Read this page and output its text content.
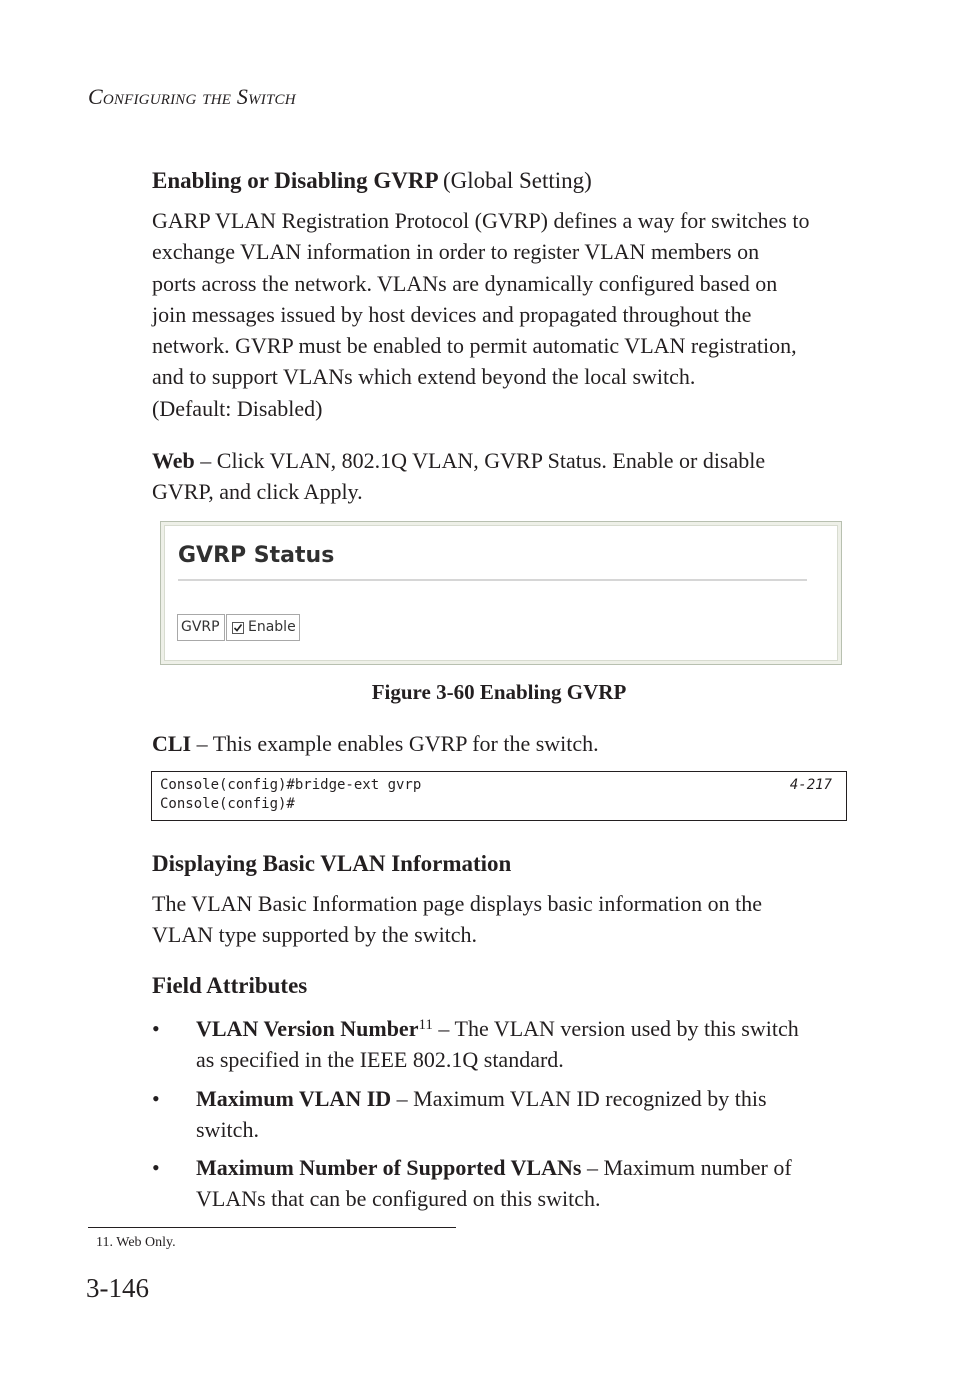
Configuring the Switch
Enabling or Disabling GVRP (Global Setting)

GARP VLAN Registration Protocol (GVRP) defines a way for switches to

exchange VLAN information in order to register VLAN members on

ports across the network. VLANs are dynamically configured based on

join messages issued by host devices and propagated throughout the

network. GVRP must be enabled to permit automatic VLAN registration,

and to support VLANs which extend beyond the local switch.

(Default: Disabled)

Web – Click VLAN, 802.1Q VLAN, GVRP Status. Enable or disable

GVRP, and click Apply.

GVRP Status
GVRP	Enable
Figure 3-60 Enabling GVRP
CLI – This example enables GVRP for the switch.
Console(config)#bridge-ext gvrp	4-217
Console(config)#
Displaying Basic VLAN Information

The VLAN Basic Information page displays basic information on the

VLAN type supported by the switch.

Field Attributes
• VLAN Version Number$^{11}$ – The VLAN version used by this switch

as specified in the IEEE 802.1Q standard.

• Maximum VLAN ID – Maximum VLAN ID recognized by this

switch.

• Maximum Number of Supported VLANs – Maximum number of

VLANs that can be configured on this switch.

11. Web Only.
3-146
